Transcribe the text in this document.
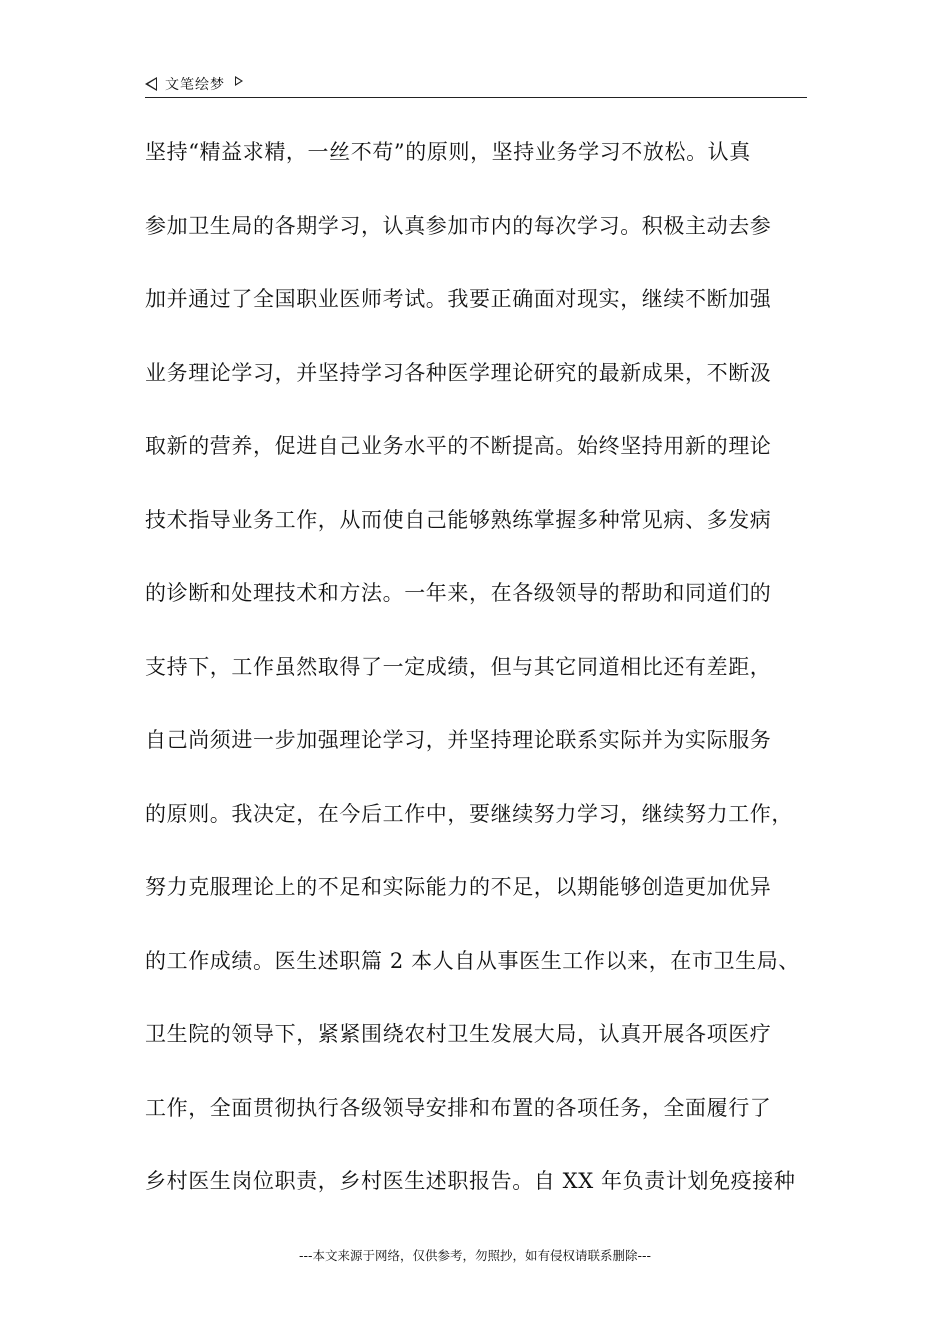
文笔绘梦
坚持“精益求精，一丝不苟”的原则，坚持业务学习不放松。认真
参加卫生局的各期学习，认真参加市内的每次学习。积极主动去参
加并通过了全国职业医师考试。我要正确面对现实，继续不断加强
业务理论学习，并坚持学习各种医学理论研究的最新成果，不断汲
取新的营养，促进自己业务水平的不断提高。始终坚持用新的理论
技术指导业务工作，从而使自己能够熟练掌握多种常见病、多发病
的诊断和处理技术和方法。一年来，在各级领导的帮助和同道们的
支持下，工作虽然取得了一定成绩，但与其它同道相比还有差距，
自己尚须进一步加强理论学习，并坚持理论联系实际并为实际服务
的原则。我决定，在今后工作中，要继续努力学习，继续努力工作，
努力克服理论上的不足和实际能力的不足，以期能够创造更加优异
的工作成绩。医生述职篇 2 本人自从事医生工作以来，在市卫生局、
卫生院的领导下，紧紧围绕农村卫生发展大局，认真开展各项医疗
工作，全面贯彻执行各级领导安排和布置的各项任务，全面履行了
乡村医生岗位职责，乡村医生述职报告。自 XX 年负责计划免疫接种
---本文来源于网络，仅供参考，勿照抄，如有侵权请联系删除---
